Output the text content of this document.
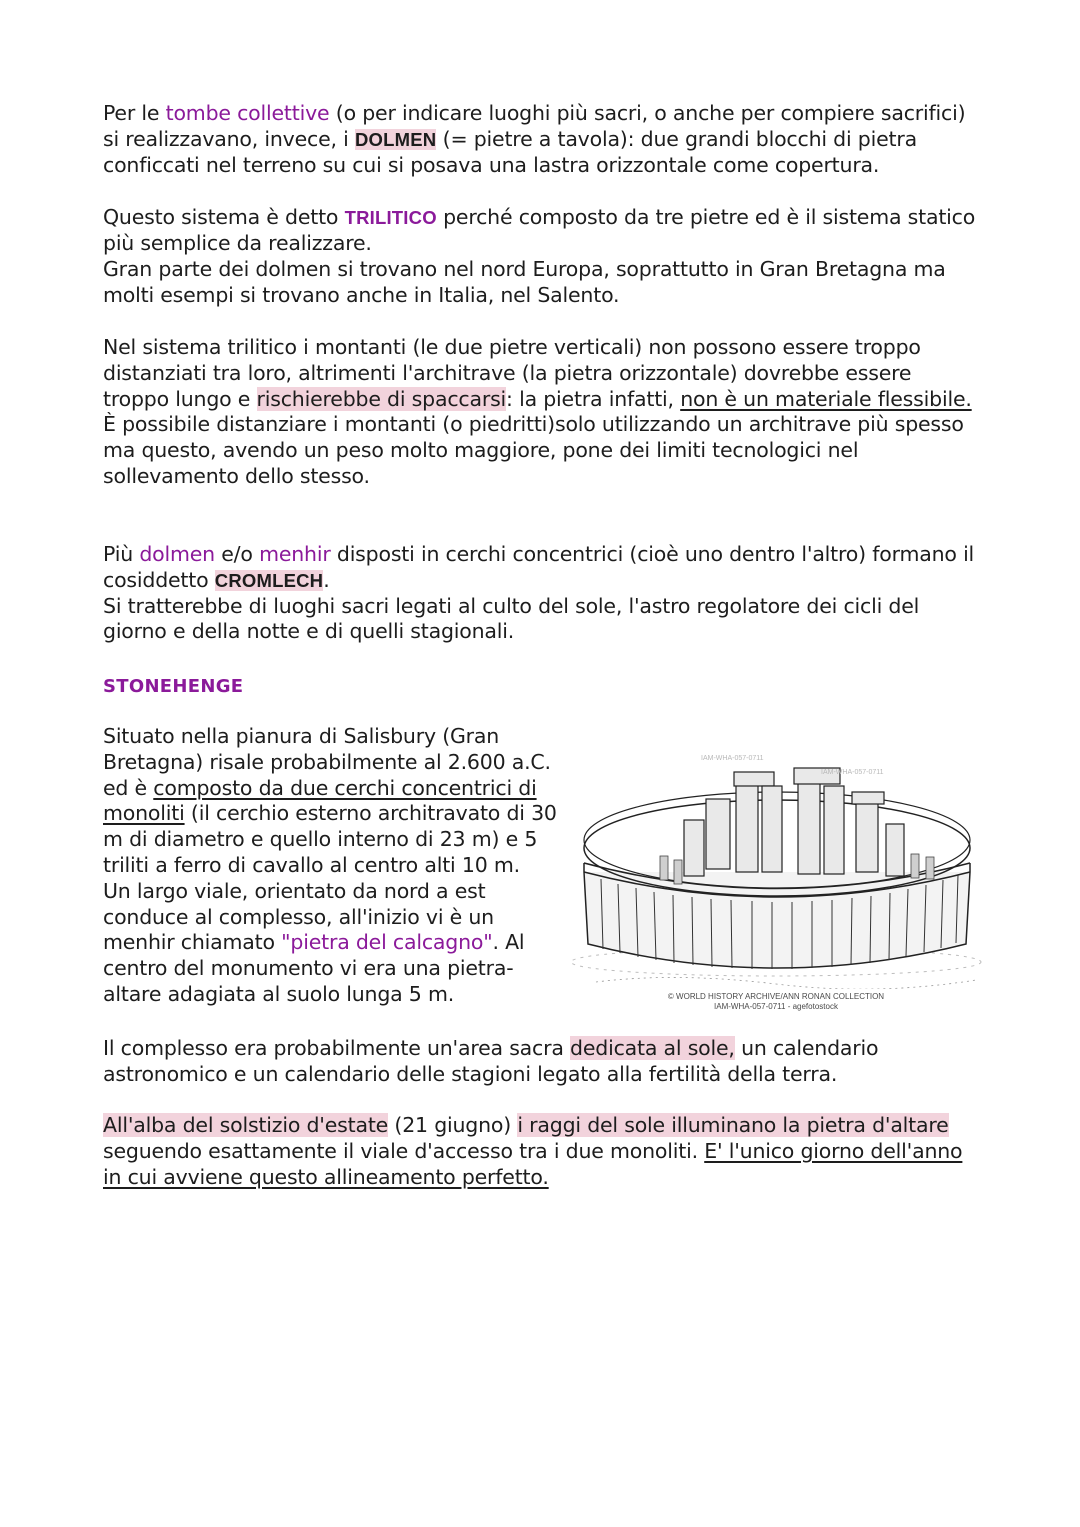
Per le tombe collettive (o per indicare luoghi più sacri, o anche per compiere sacrifici) si realizzavano, invece, i DOLMEN (= pietre a tavola): due grandi blocchi di pietra conficcati nel terreno su cui si posava una lastra orizzontale come copertura.
Questo sistema è detto TRILITICO perché composto da tre pietre ed è il sistema statico più semplice da realizzare.
Gran parte dei dolmen si trovano nel nord Europa, soprattutto in Gran Bretagna ma molti esempi si trovano anche in Italia, nel Salento.
Nel sistema trilitico i montanti (le due pietre verticali) non possono essere troppo distanziati tra loro, altrimenti l'architrave (la pietra orizzontale) dovrebbe essere troppo lungo e rischierebbe di spaccarsi: la pietra infatti, non è un materiale flessibile.
È possibile distanziare i montanti (o piedritti)solo utilizzando un architrave più spesso ma questo, avendo un peso molto maggiore, pone dei limiti tecnologici nel sollevamento dello stesso.
Più dolmen e/o menhir disposti in cerchi concentrici (cioè uno dentro l'altro) formano il cosiddetto CROMLECH.
Si tratterebbe di luoghi sacri legati al culto del sole, l'astro regolatore dei cicli del giorno e della notte e di quelli stagionali.
STONEHENGE
Situato nella pianura di Salisbury (Gran Bretagna) risale probabilmente al 2.600 a.C. ed è composto da due cerchi concentrici di monoliti (il cerchio esterno architravato di 30 m di diametro e quello interno di 23 m) e 5 triliti a ferro di cavallo al centro alti 10 m.
Un largo viale, orientato da nord a est conduce al complesso, all'inizio vi è un menhir chiamato "pietra del calcagno". Al centro del monumento vi era una pietra-altare adagiata al suolo lunga 5 m.
Il complesso era probabilmente un'area sacra dedicata al sole, un calendario astronomico e un calendario delle stagioni legato alla fertilità della terra.
All'alba del solstizio d'estate (21 giugno) i raggi del sole illuminano la pietra d'altare seguendo esattamente il viale d'accesso tra i due monoliti. E' l'unico giorno dell'anno in cui avviene questo allineamento perfetto.
IAM-WHA-057-0711
IAM-WHA-057-0711
© WORLD HISTORY ARCHIVE/ANN RONAN COLLECTION
IAM-WHA-057-0711 - agefotostock
